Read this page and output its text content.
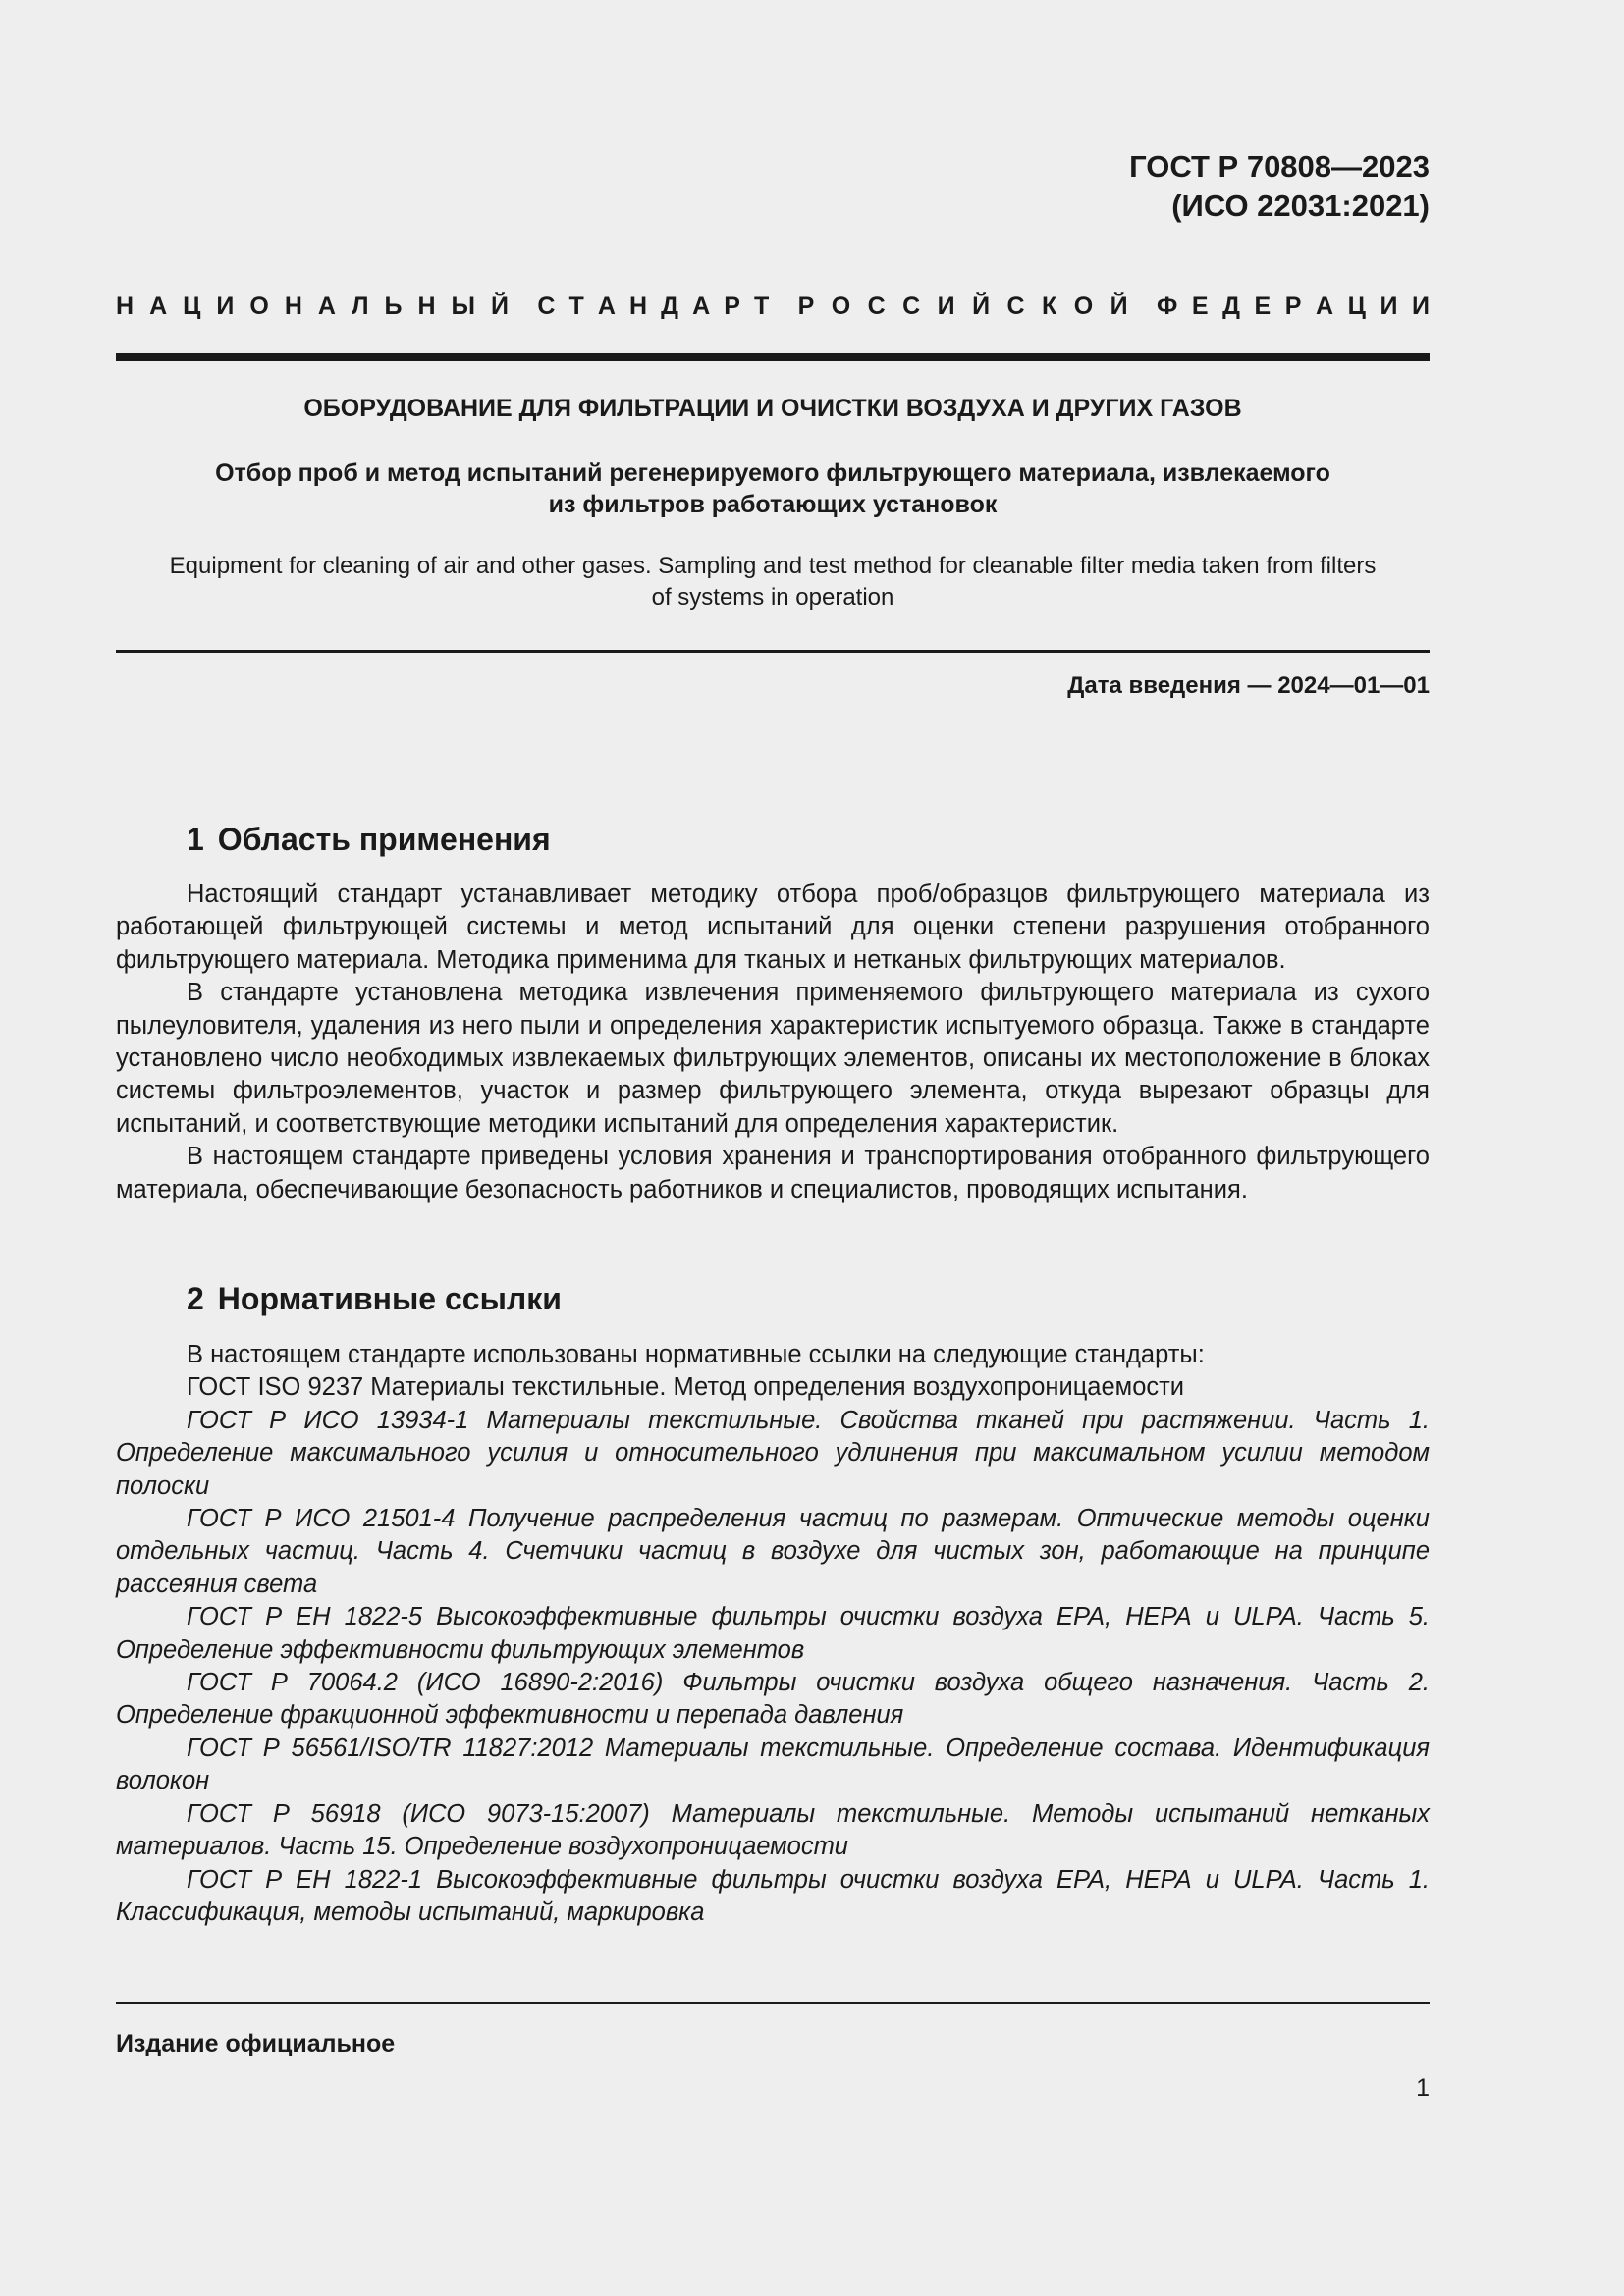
ГОСТ Р 70808—2023
(ИСО 22031:2021)
Н А Ц И О Н А Л Ь Н Ы Й С Т А Н Д А Р Т Р О С С И Й С К О Й Ф Е Д Е Р А Ц И И
ОБОРУДОВАНИЕ ДЛЯ ФИЛЬТРАЦИИ И ОЧИСТКИ ВОЗДУХА И ДРУГИХ ГАЗОВ
Отбор проб и метод испытаний регенерируемого фильтрующего материала, извлекаемого
из фильтров работающих установок
Equipment for cleaning of air and other gases. Sampling and test method for cleanable filter media taken from filters
of systems in operation
Дата введения — 2024—01—01
1 Область применения

Настоящий стандарт устанавливает методику отбора проб/образцов фильтрующего материала из работающей фильтрующей системы и метод испытаний для оценки степени разрушения отобранного фильтрующего материала. Методика применима для тканых и нетканых фильтрующих материалов.

В стандарте установлена методика извлечения применяемого фильтрующего материала из сухого пылеуловителя, удаления из него пыли и определения характеристик испытуемого образца. Также в стандарте установлено число необходимых извлекаемых фильтрующих элементов, описаны их местоположение в блоках системы фильтроэлементов, участок и размер фильтрующего элемента, откуда вырезают образцы для испытаний, и соответствующие методики испытаний для определения характеристик.

В настоящем стандарте приведены условия хранения и транспортирования отобранного фильтрующего материала, обеспечивающие безопасность работников и специалистов, проводящих испытания.

2 Нормативные ссылки

В настоящем стандарте использованы нормативные ссылки на следующие стандарты:

ГОСТ ISO 9237 Материалы текстильные. Метод определения воздухопроницаемости

ГОСТ Р ИСО 13934-1 Материалы текстильные. Свойства тканей при растяжении. Часть 1. Определение максимального усилия и относительного удлинения при максимальном усилии методом полоски

ГОСТ Р ИСО 21501-4 Получение распределения частиц по размерам. Оптические методы оценки отдельных частиц. Часть 4. Счетчики частиц в воздухе для чистых зон, работающие на принципе рассеяния света

ГОСТ Р ЕН 1822-5 Высокоэффективные фильтры очистки воздуха ЕРА, НЕРА и ULPA. Часть 5. Определение эффективности фильтрующих элементов

ГОСТ Р 70064.2 (ИСО 16890-2:2016) Фильтры очистки воздуха общего назначения. Часть 2. Определение фракционной эффективности и перепада давления

ГОСТ Р 56561/ISO/TR 11827:2012 Материалы текстильные. Определение состава. Идентификация волокон

ГОСТ Р 56918 (ИСО 9073-15:2007) Материалы текстильные. Методы испытаний нетканых материалов. Часть 15. Определение воздухопроницаемости

ГОСТ Р ЕН 1822-1 Высокоэффективные фильтры очистки воздуха ЕРА, НЕРА и ULPA. Часть 1. Классификация, методы испытаний, маркировка

Издание официальное
1
